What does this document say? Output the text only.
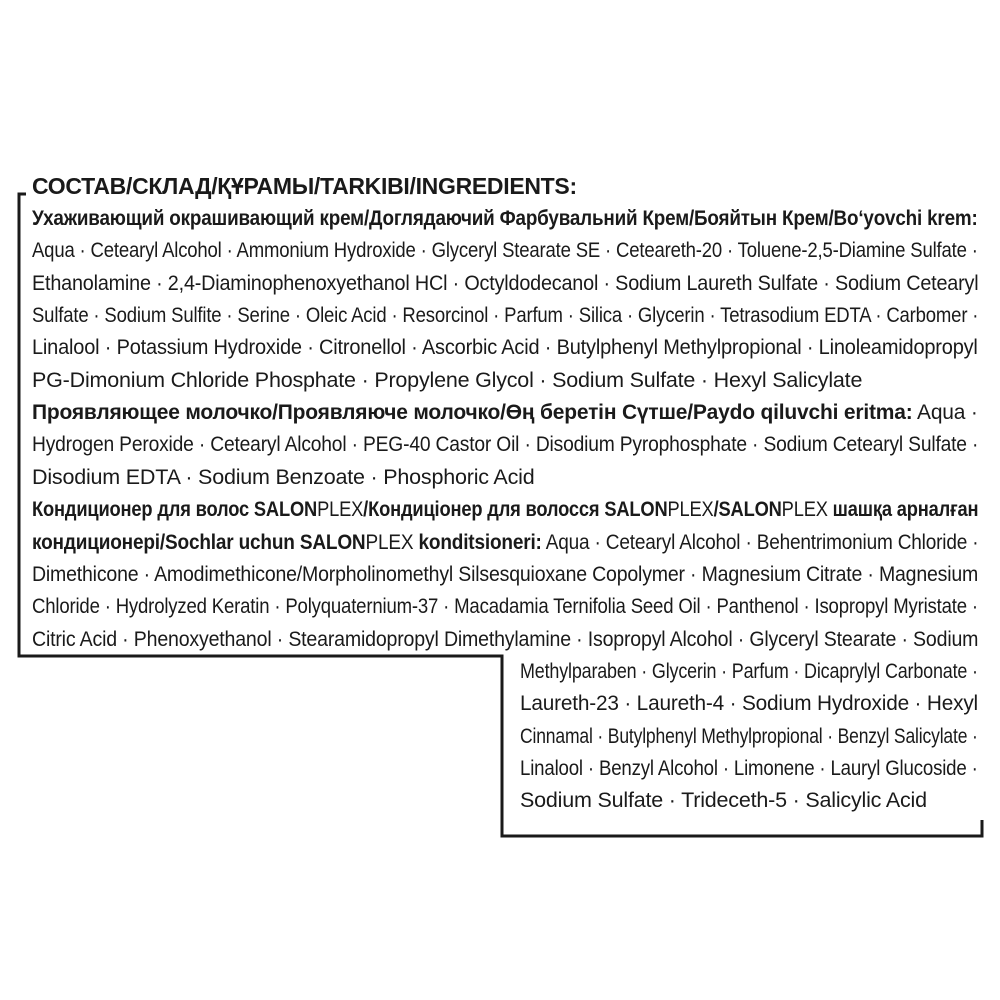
СОСТАВ/СКЛАД/ҚҰРАМЫ/TARKIBI/INGREDIENTS:
Ухаживающий окрашивающий крем/Доглядаючий Фарбувальний Крем/Бояйтын Крем/Bo‘yovchi krem:
Aqua · Cetearyl Alcohol · Ammonium Hydroxide · Glyceryl Stearate SE · Ceteareth-20 · Toluene-2,5-Diamine Sulfate ·
Ethanolamine · 2,4-Diaminophenoxyethanol HCl · Octyldodecanol · Sodium Laureth Sulfate · Sodium Cetearyl
Sulfate · Sodium Sulfite · Serine · Oleic Acid · Resorcinol · Parfum · Silica · Glycerin · Tetrasodium EDTA · Carbomer ·
Linalool · Potassium Hydroxide · Citronellol · Ascorbic Acid · Butylphenyl Methylpropional · Linoleamidopropyl
PG-Dimonium Chloride Phosphate · Propylene Glycol · Sodium Sulfate · Hexyl Salicylate
Проявляющее молочко/Проявляюче молочко/Өң беретін Сүтше/Paydo qiluvchi eritma: Aqua ·
Hydrogen Peroxide · Cetearyl Alcohol · PEG-40 Castor Oil · Disodium Pyrophosphate · Sodium Cetearyl Sulfate ·
Disodium EDTA · Sodium Benzoate · Phosphoric Acid
Кондиционер для волос SALONPLEX/Кондиціонер для волосся SALONPLEX/SALONPLEX шашқа арналған
кондиционері/Sochlar uchun SALONPLEX konditsioneri: Aqua · Cetearyl Alcohol · Behentrimonium Chloride ·
Dimethicone · Amodimethicone/Morpholinomethyl Silsesquioxane Copolymer · Magnesium Citrate · Magnesium
Chloride · Hydrolyzed Keratin · Polyquaternium-37 · Macadamia Ternifolia Seed Oil · Panthenol · Isopropyl Myristate ·
Citric Acid · Phenoxyethanol · Stearamidopropyl Dimethylamine · Isopropyl Alcohol · Glyceryl Stearate · Sodium
Methylparaben · Glycerin · Parfum · Dicaprylyl Carbonate ·
Laureth-23 · Laureth-4 · Sodium Hydroxide · Hexyl
Cinnamal · Butylphenyl Methylpropional · Benzyl Salicylate ·
Linalool · Benzyl Alcohol · Limonene · Lauryl Glucoside ·
Sodium Sulfate · Trideceth-5 · Salicylic Acid
